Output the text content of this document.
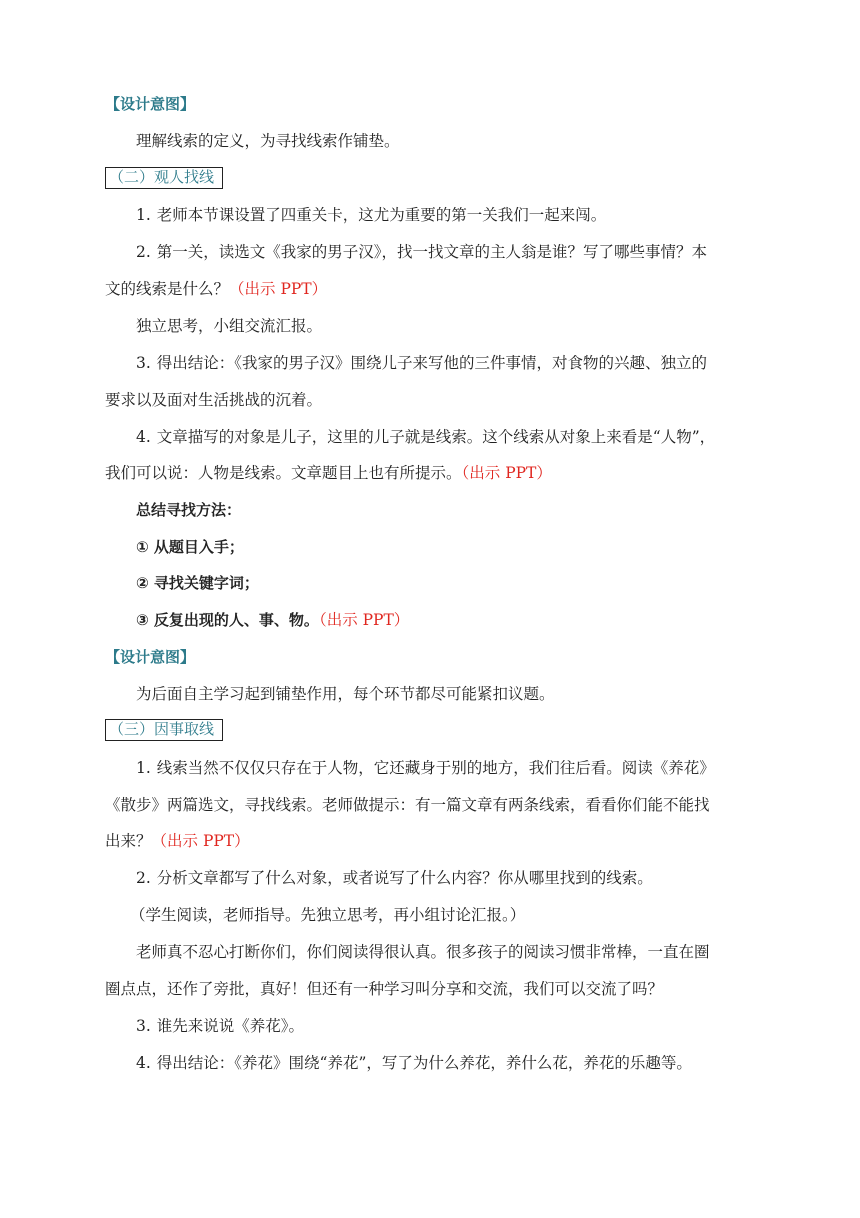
【设计意图】
理解线索的定义，为寻找线索作铺垫。
（二）观人找线
1. 老师本节课设置了四重关卡，这尤为重要的第一关我们一起来闯。
2. 第一关，读选文《我家的男子汉》，找一找文章的主人翁是谁？写了哪些事情？本
文的线索是什么？（出示 PPT）
独立思考，小组交流汇报。
3. 得出结论：《我家的男子汉》围绕儿子来写他的三件事情，对食物的兴趣、独立的
要求以及面对生活挑战的沉着。
4. 文章描写的对象是儿子，这里的儿子就是线索。这个线索从对象上来看是“人物”，
我们可以说：人物是线索。文章题目上也有所提示。（出示 PPT）
总结寻找方法：
① 从题目入手；
② 寻找关键字词；
③ 反复出现的人、事、物。（出示 PPT）
【设计意图】
为后面自主学习起到铺垫作用，每个环节都尽可能紧扣议题。
（三）因事取线
1. 线索当然不仅仅只存在于人物，它还藏身于别的地方，我们往后看。阅读《养花》
《散步》两篇选文，寻找线索。老师做提示：有一篇文章有两条线索，看看你们能不能找
出来？（出示 PPT）
2. 分析文章都写了什么对象，或者说写了什么内容？你从哪里找到的线索。
（学生阅读，老师指导。先独立思考，再小组讨论汇报。）
老师真不忍心打断你们，你们阅读得很认真。很多孩子的阅读习惯非常棒，一直在圈
圈点点，还作了旁批，真好！但还有一种学习叫分享和交流，我们可以交流了吗？
3. 谁先来说说《养花》。
4. 得出结论：《养花》围绕“养花”，写了为什么养花，养什么花，养花的乐趣等。
